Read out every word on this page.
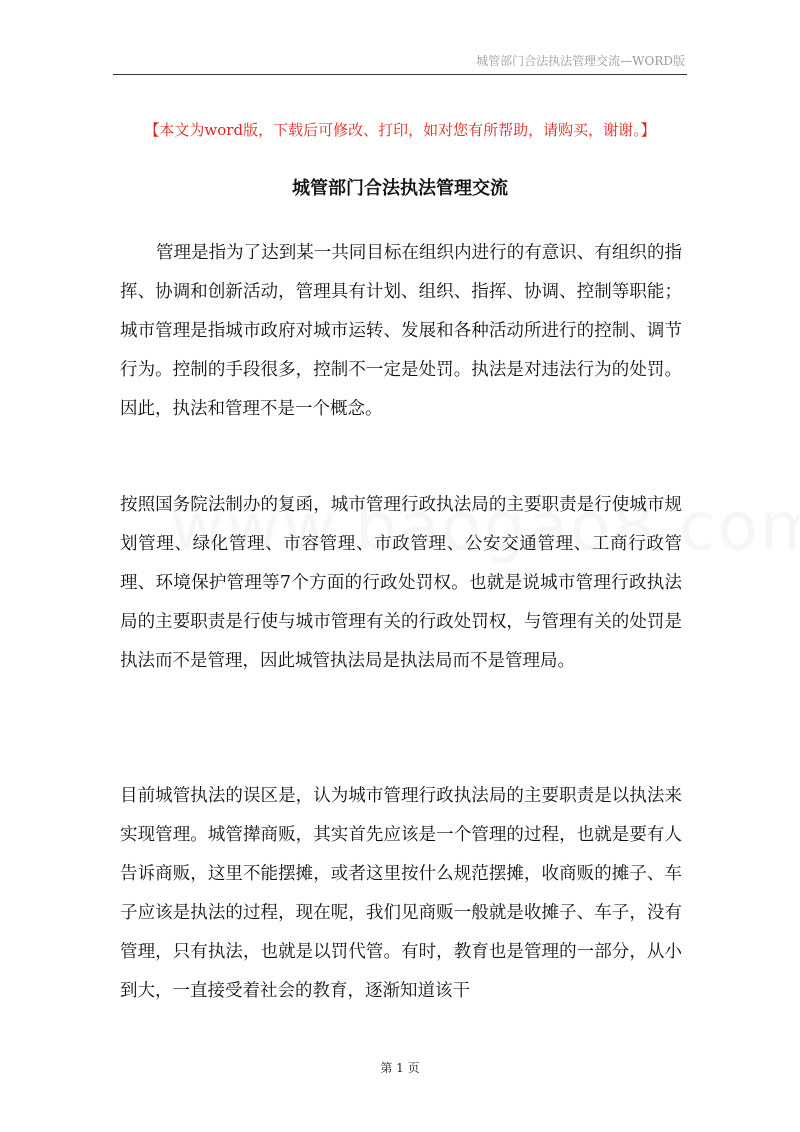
城管部门合法执法管理交流—WORD版
【本文为word版，下载后可修改、打印，如对您有所帮助，请购买，谢谢。】
城管部门合法执法管理交流

管理是指为了达到某一共同目标在组织内进行的有意识、有组织的指挥、协调和创新活动，管理具有计划、组织、指挥、协调、控制等职能；城市管理是指城市政府对城市运转、发展和各种活动所进行的控制、调节行为。控制的手段很多，控制不一定是处罚。执法是对违法行为的处罚。因此，执法和管理不是一个概念。

按照国务院法制办的复函，城市管理行政执法局的主要职责是行使城市规划管理、绿化管理、市容管理、市政管理、公安交通管理、工商行政管理、环境保护管理等7个方面的行政处罚权。也就是说城市管理行政执法局的主要职责是行使与城市管理有关的行政处罚权，与管理有关的处罚是执法而不是管理，因此城管执法局是执法局而不是管理局。

目前城管执法的误区是，认为城市管理行政执法局的主要职责是以执法来实现管理。城管撵商贩，其实首先应该是一个管理的过程，也就是要有人告诉商贩，这里不能摆摊，或者这里按什么规范摆摊，收商贩的摊子、车子应该是执法的过程，现在呢，我们见商贩一般就是收摊子、车子，没有管理，只有执法，也就是以罚代管。有时，教育也是管理的一部分，从小到大，一直接受着社会的教育，逐渐知道该干

第 1 页
